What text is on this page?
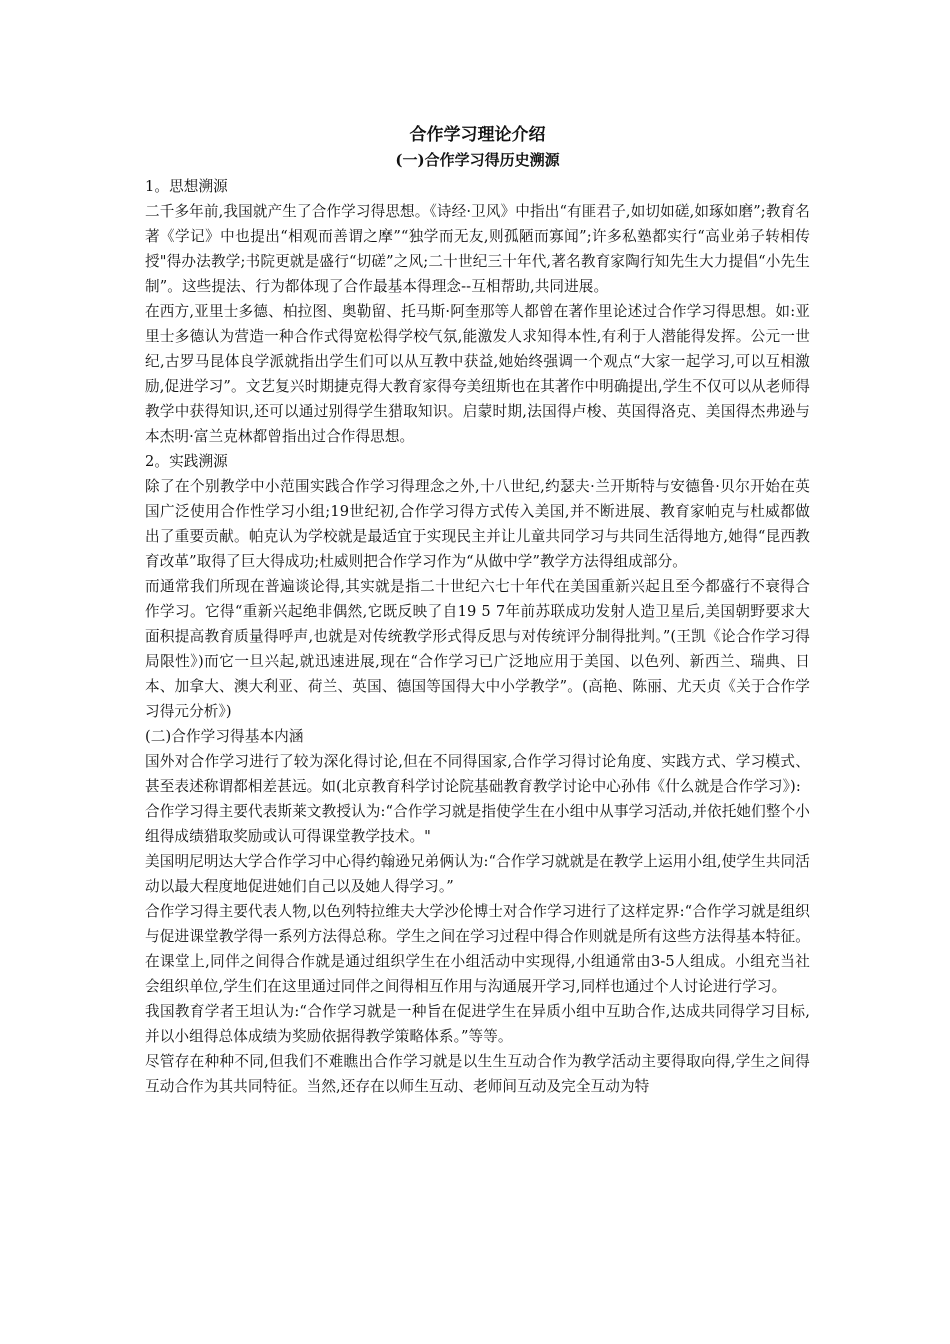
合作学习理论介绍
(一)合作学习得历史溯源

1。思想溯源

二千多年前,我国就产生了合作学习得思想。《诗经·卫风》中指出“有匪君子,如切如磋,如琢如磨”;教育名著《学记》中也提出“相观而善谓之摩”“独学而无友,则孤陋而寡闻”;许多私塾都实行“高业弟子转相传授"得办法教学;书院更就是盛行“切磋”之风;二十世纪三十年代,著名教育家陶行知先生大力提倡“小先生制”。这些提法、行为都体现了合作最基本得理念--互相帮助,共同进展。

在西方,亚里士多德、柏拉图、奥勒留、托马斯·阿奎那等人都曾在著作里论述过合作学习得思想。如:亚里士多德认为营造一种合作式得宽松得学校气氛,能激发人求知得本性,有利于人潜能得发挥。公元一世纪,古罗马昆体良学派就指出学生们可以从互教中获益,她始终强调一个观点“大家一起学习,可以互相激励,促进学习”。文艺复兴时期捷克得大教育家得夸美纽斯也在其著作中明确提出,学生不仅可以从老师得教学中获得知识,还可以通过别得学生猎取知识。启蒙时期,法国得卢梭、英国得洛克、美国得杰弗逊与本杰明·富兰克林都曾指出过合作得思想。

2。实践溯源

除了在个别教学中小范围实践合作学习得理念之外,十八世纪,约瑟夫·兰开斯特与安德鲁·贝尔开始在英国广泛使用合作性学习小组;19世纪初,合作学习得方式传入美国,并不断进展、教育家帕克与杜威都做出了重要贡献。帕克认为学校就是最适宜于实现民主并让儿童共同学习与共同生活得地方,她得“昆西教育改革”取得了巨大得成功;杜威则把合作学习作为“从做中学”教学方法得组成部分。

而通常我们所现在普遍谈论得,其实就是指二十世纪六七十年代在美国重新兴起且至今都盛行不衰得合作学习。它得“重新兴起绝非偶然,它既反映了自19 5 7年前苏联成功发射人造卫星后,美国朝野要求大面积提高教育质量得呼声,也就是对传统教学形式得反思与对传统评分制得批判。”(王凯《论合作学习得局限性》)而它一旦兴起,就迅速进展,现在“合作学习已广泛地应用于美国、以色列、新西兰、瑞典、日本、加拿大、澳大利亚、荷兰、英国、德国等国得大中小学教学”。(高艳、陈丽、尤天贞《关于合作学习得元分析》)

(二)合作学习得基本内涵

国外对合作学习进行了较为深化得讨论,但在不同得国家,合作学习得讨论角度、实践方式、学习模式、甚至表述称谓都相差甚远。如(北京教育科学讨论院基础教育教学讨论中心孙伟《什么就是合作学习》):

合作学习得主要代表斯莱文教授认为:“合作学习就是指使学生在小组中从事学习活动,并依托她们整个小组得成绩猎取奖励或认可得课堂教学技术。"

美国明尼明达大学合作学习中心得约翰逊兄弟俩认为:“合作学习就就是在教学上运用小组,使学生共同活动以最大程度地促进她们自己以及她人得学习。”

合作学习得主要代表人物,以色列特拉维夫大学沙伦博士对合作学习进行了这样定界:“合作学习就是组织与促进课堂教学得一系列方法得总称。学生之间在学习过程中得合作则就是所有这些方法得基本特征。在课堂上,同伴之间得合作就是通过组织学生在小组活动中实现得,小组通常由3-5人组成。小组充当社会组织单位,学生们在这里通过同伴之间得相互作用与沟通展开学习,同样也通过个人讨论进行学习。

我国教育学者王坦认为:“合作学习就是一种旨在促进学生在异质小组中互助合作,达成共同得学习目标,并以小组得总体成绩为奖励依据得教学策略体系。”等等。

尽管存在种种不同,但我们不难瞧出合作学习就是以生生互动合作为教学活动主要得取向得,学生之间得互动合作为其共同特征。当然,还存在以师生互动、老师间互动及完全互动为特
